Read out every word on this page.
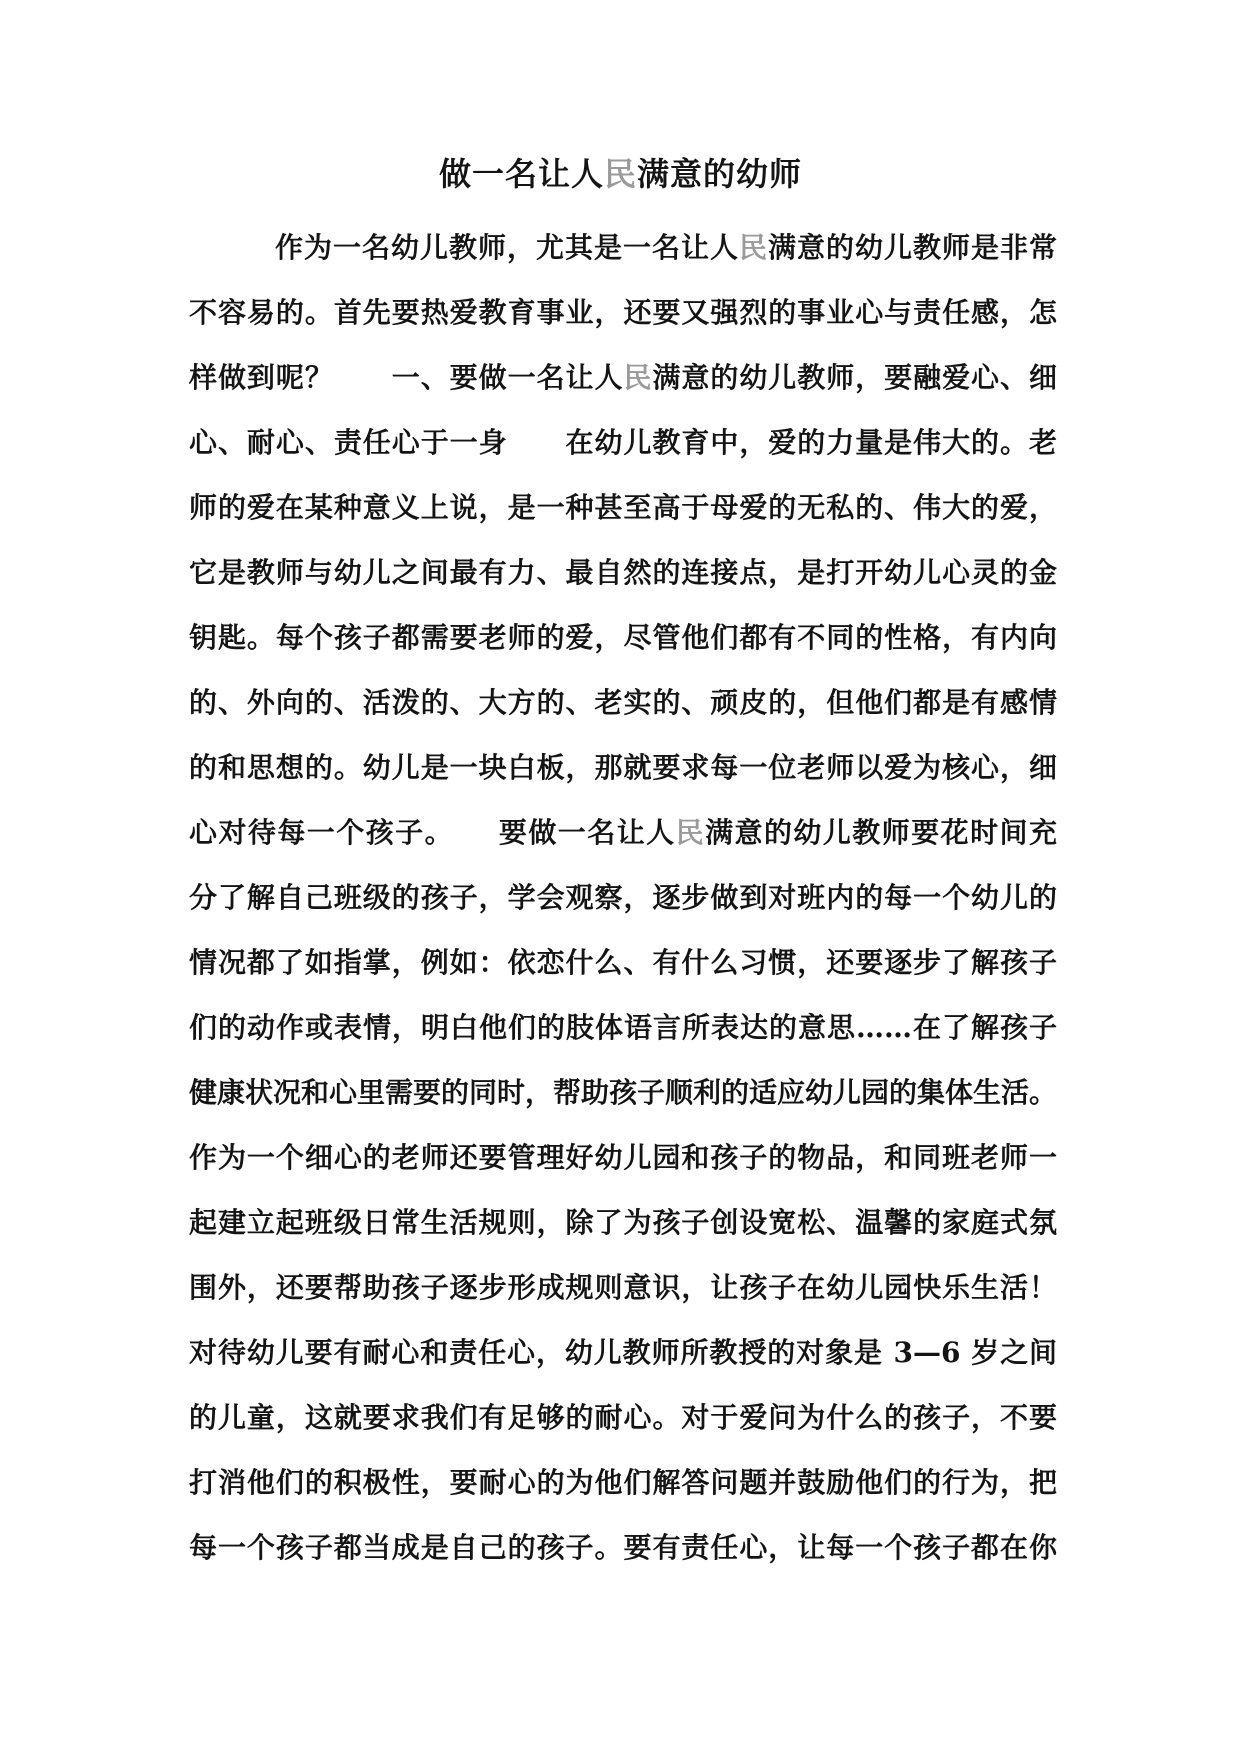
做一名让人民满意的幼师
作为一名幼儿教师，尤其是一名让人民满意的幼儿教师是非常
不容易的。首先要热爱教育事业，还要又强烈的事业心与责任感，怎
样做到呢？　　一、要做一名让人民满意的幼儿教师，要融爱心、细
心、耐心、责任心于一身　　在幼儿教育中，爱的力量是伟大的。老
师的爱在某种意义上说，是一种甚至高于母爱的无私的、伟大的爱，
它是教师与幼儿之间最有力、最自然的连接点，是打开幼儿心灵的金
钥匙。每个孩子都需要老师的爱，尽管他们都有不同的性格，有内向
的、外向的、活泼的、大方的、老实的、顽皮的，但他们都是有感情
的和思想的。幼儿是一块白板，那就要求每一位老师以爱为核心，细
心对待每一个孩子。　　要做一名让人民满意的幼儿教师要花时间充
分了解自己班级的孩子，学会观察，逐步做到对班内的每一个幼儿的
情况都了如指掌，例如：依恋什么、有什么习惯，还要逐步了解孩子
们的动作或表情，明白他们的肢体语言所表达的意思……在了解孩子
健康状况和心里需要的同时，帮助孩子顺利的适应幼儿园的集体生活。
作为一个细心的老师还要管理好幼儿园和孩子的物品，和同班老师一
起建立起班级日常生活规则，除了为孩子创设宽松、温馨的家庭式氛
围外，还要帮助孩子逐步形成规则意识，让孩子在幼儿园快乐生活！
对待幼儿要有耐心和责任心，幼儿教师所教授的对象是 3—6 岁之间
的儿童，这就要求我们有足够的耐心。对于爱问为什么的孩子，不要
打消他们的积极性，要耐心的为他们解答问题并鼓励他们的行为，把
每一个孩子都当成是自己的孩子。要有责任心，让每一个孩子都在你
